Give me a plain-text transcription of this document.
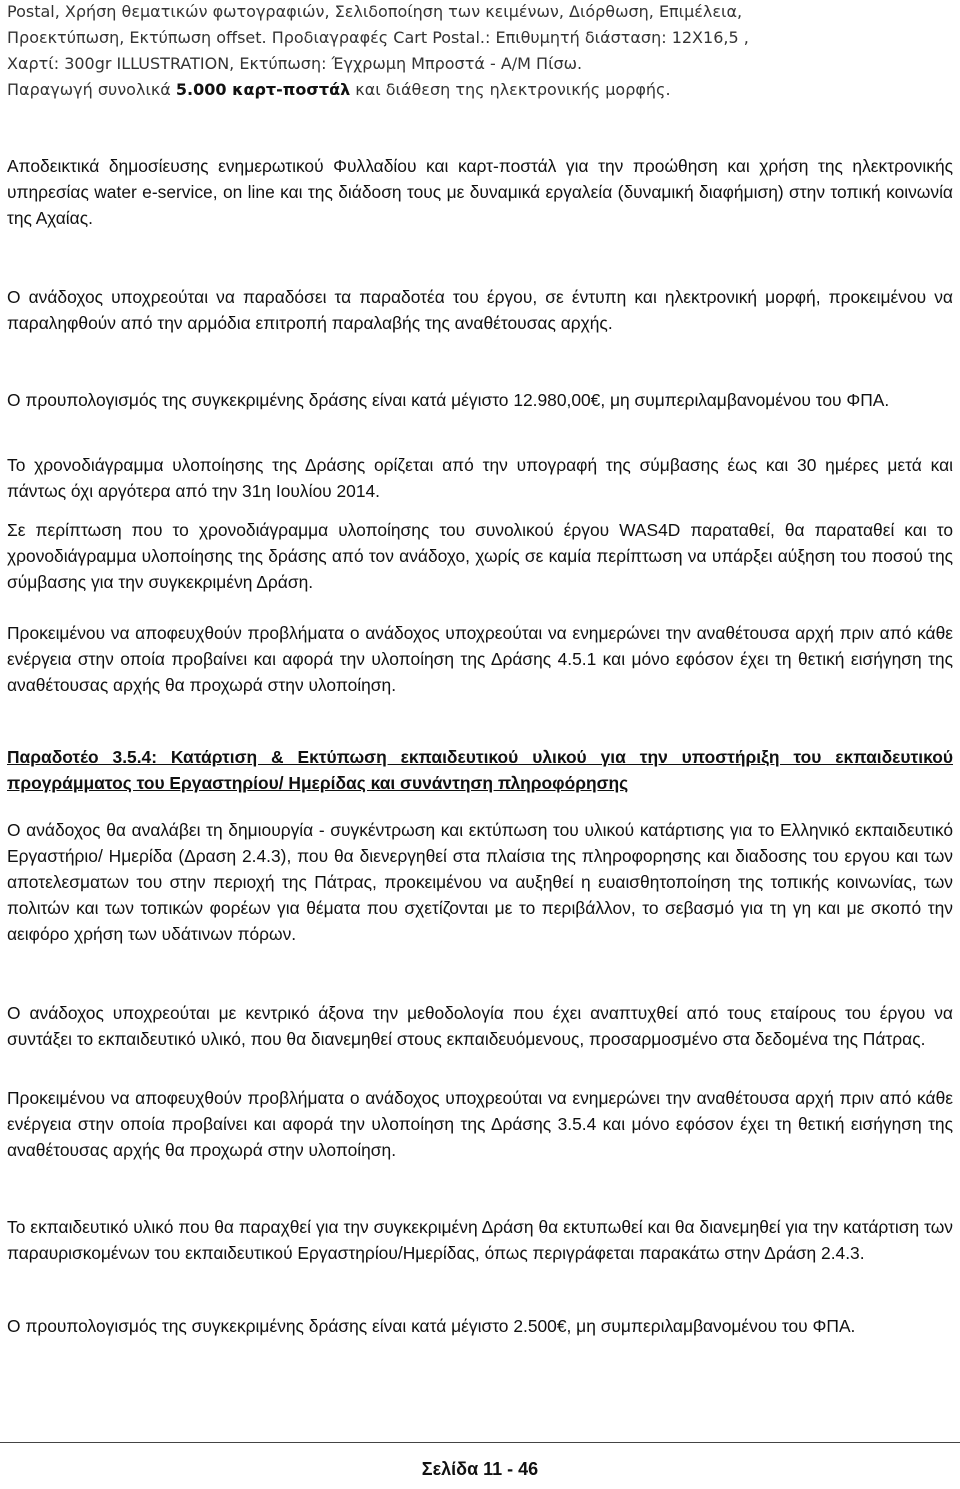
Postal, Χρήση θεματικών φωτογραφιών, Σελιδοποίηση των κειμένων, Διόρθωση, Επιμέλεια,
Προεκτύπωση, Εκτύπωση offset. Προδιαγραφές Cart Postal.: Επιθυμητή διάσταση: 12Χ16,5 ,
Χαρτί: 300gr ILLUSTRATION, Εκτύπωση: Έγχρωμη Μπροστά - Α/Μ Πίσω.
Παραγωγή συνολικά 5.000 καρτ-ποστάλ και διάθεση της ηλεκτρονικής μορφής.

Αποδεικτικά δημοσίευσης ενημερωτικού Φυλλαδίου και καρτ-ποστάλ για την προώθηση και χρήση της ηλεκτρονικής υπηρεσίας water e-service, on line και της διάδοση τους με δυναμικά εργαλεία (δυναμική διαφήμιση) στην τοπική κοινωνία της Αχαίας.

Ο ανάδοχος υποχρεούται να παραδόσει τα παραδοτέα του έργου, σε έντυπη και ηλεκτρονική μορφή, προκειμένου να παραληφθούν από την αρμόδια επιτροπή παραλαβής της αναθέτουσας αρχής.

Ο προυπολογισμός της συγκεκριμένης δράσης είναι κατά μέγιστο 12.980,00€, μη συμπεριλαμβανομένου του ΦΠΑ.

Το χρονοδιάγραμμα υλοποίησης της Δράσης ορίζεται από την υπογραφή της σύμβασης έως και 30 ημέρες μετά και πάντως όχι αργότερα από την 31η Ιουλίου 2014.

Σε περίπτωση που το χρονοδιάγραμμα υλοποίησης του συνολικού έργου WAS4D παραταθεί, θα παραταθεί και το χρονοδιάγραμμα υλοποίησης της δράσης από τον ανάδοχο, χωρίς σε καμία περίπτωση να υπάρξει αύξηση του ποσού της σύμβασης για την συγκεκριμένη Δράση.

Προκειμένου να αποφευχθούν προβλήματα ο ανάδοχος υποχρεούται να ενημερώνει την αναθέτουσα αρχή πριν από κάθε ενέργεια στην οποία προβαίνει και αφορά την υλοποίηση της Δράσης 4.5.1 και μόνο εφόσον έχει τη θετική εισήγηση της αναθέτουσας αρχής θα προχωρά στην υλοποίηση.

Παραδοτέο 3.5.4: Κατάρτιση & Εκτύπωση εκπαιδευτικού υλικού για την υποστήριξη του εκπαιδευτικού προγράμματος του Εργαστηρίου/ Ημερίδας και συνάντηση πληροφόρησης

Ο ανάδοχος θα αναλάβει τη δημιουργία - συγκέντρωση και εκτύπωση του υλικού κατάρτισης για το Ελληνικό εκπαιδευτικό Εργαστήριο/ Ημερίδα (Δραση 2.4.3), που θα διενεργηθεί στα πλαίσια της πληροφορησης και διαδοσης του εργου και των αποτελεσματων του στην περιοχή της Πάτρας, προκειμένου να αυξηθεί η ευαισθητοποίηση της τοπικής κοινωνίας, των πολιτών και των τοπικών φορέων για θέματα που σχετίζονται με το περιβάλλον, το σεβασμό για τη γη και με σκοπό την αειφόρο χρήση των υδάτινων πόρων.

Ο ανάδοχος υποχρεούται με κεντρικό άξονα την μεθοδολογία που έχει αναπτυχθεί από τους εταίρους του έργου να συντάξει το εκπαιδευτικό υλικό, που θα διανεμηθεί στους εκπαιδευόμενους, προσαρμοσμένο στα δεδομένα της Πάτρας.

Προκειμένου να αποφευχθούν προβλήματα ο ανάδοχος υποχρεούται να ενημερώνει την αναθέτουσα αρχή πριν από κάθε ενέργεια στην οποία προβαίνει και αφορά την υλοποίηση της Δράσης 3.5.4 και μόνο εφόσον έχει τη θετική εισήγηση της αναθέτουσας αρχής θα προχωρά στην υλοποίηση.

Το εκπαιδευτικό υλικό που θα παραχθεί για την συγκεκριμένη Δράση θα εκτυπωθεί και θα διανεμηθεί για την κατάρτιση των παραυρισκομένων του εκπαιδευτικού Εργαστηρίου/Ημερίδας, όπως περιγράφεται παρακάτω στην Δράση 2.4.3.

Ο προυπολογισμός της συγκεκριμένης δράσης είναι κατά μέγιστο 2.500€, μη συμπεριλαμβανομένου του ΦΠΑ.

Σελίδα 11 - 46
